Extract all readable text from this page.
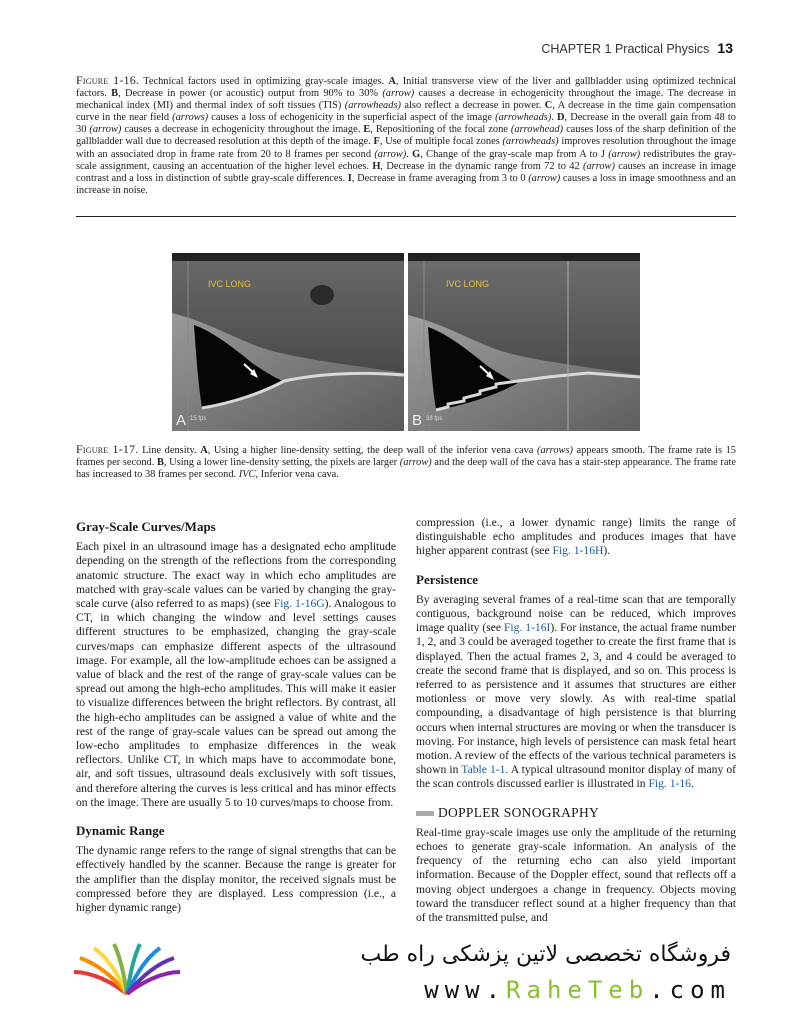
CHAPTER 1 Practical Physics 13
Figure 1-16. Technical factors used in optimizing gray-scale images. A, Initial transverse view of the liver and gallbladder using optimized technical factors. B, Decrease in power (or acoustic) output from 90% to 30% (arrow) causes a decrease in echogenicity throughout the image. The decrease in mechanical index (MI) and thermal index of soft tissues (TIS) (arrowheads) also reflect a decrease in power. C, A decrease in the time gain compensation curve in the near field (arrows) causes a loss of echogenicity in the superficial aspect of the image (arrowheads). D, Decrease in the overall gain from 48 to 30 (arrow) causes a decrease in echogenicity throughout the image. E, Repositioning of the focal zone (arrowhead) causes loss of the sharp definition of the gallbladder wall due to decreased resolution at this depth of the image. F, Use of multiple focal zones (arrowheads) improves resolution throughout the image with an associated drop in frame rate from 20 to 8 frames per second (arrow). G, Change of the gray-scale map from A to J (arrow) redistributes the gray-scale assignment, causing an accentuation of the higher level echoes. H, Decrease in the dynamic range from 72 to 42 (arrow) causes an increase in image contrast and a loss in distinction of subtle gray-scale differences. I, Decrease in frame averaging from 3 to 0 (arrow) causes a loss in image smoothness and an increase in noise.
IVC LONG
A 15 fps
IVC LONG
B 38 fps
Figure 1-17. Line density. A, Using a higher line-density setting, the deep wall of the inferior vena cava (arrows) appears smooth. The frame rate is 15 frames per second. B, Using a lower line-density setting, the pixels are larger (arrow) and the deep wall of the cava has a stair-step appearance. The frame rate has increased to 38 frames per second. IVC, Inferior vena cava.
Gray-Scale Curves/Maps

Each pixel in an ultrasound image has a designated echo amplitude depending on the strength of the reflections from the corresponding anatomic structure. The exact way in which echo amplitudes are matched with gray-scale values can be varied by changing the gray-scale curve (also referred to as maps) (see Fig. 1-16G). Analogous to CT, in which changing the window and level settings causes different structures to be emphasized, changing the gray-scale curves/maps can emphasize different aspects of the ultrasound image. For example, all the low-amplitude echoes can be assigned a value of black and the rest of the range of gray-scale values can be spread out among the high-echo amplitudes. This will make it easier to visualize differences between the bright reflectors. By contrast, all the high-echo amplitudes can be assigned a value of white and the rest of the range of gray-scale values can be spread out among the low-echo amplitudes to emphasize differences in the weak reflectors. Unlike CT, in which maps have to accommodate bone, air, and soft tissues, ultrasound deals exclusively with soft tissues, and therefore altering the curves is less critical and has minor effects on the image. There are usually 5 to 10 curves/maps to choose from.

Dynamic Range

The dynamic range refers to the range of signal strengths that can be effectively handled by the scanner. Because the range is greater for the amplifier than the display monitor, the received signals must be compressed before they are displayed. Less compression (i.e., a higher dynamic range)

compression (i.e., a lower dynamic range) limits the range of distinguishable echo amplitudes and produces images that have higher apparent contrast (see Fig. 1-16H).

Persistence

By averaging several frames of a real-time scan that are temporally contiguous, background noise can be reduced, which improves image quality (see Fig. 1-16I). For instance, the actual frame number 1, 2, and 3 could be averaged together to create the first frame that is displayed. Then the actual frames 2, 3, and 4 could be averaged to create the second frame that is displayed, and so on. This process is referred to as persistence and it assumes that structures are either motionless or move very slowly. As with real-time spatial compounding, a disadvantage of high persistence is that blurring occurs when internal structures are moving or when the transducer is moving. For instance, high levels of persistence can mask fetal heart motion. A review of the effects of the various technical parameters is shown in Table 1-1. A typical ultrasound monitor display of many of the scan controls discussed earlier is illustrated in Fig. 1-16.

DOPPLER SONOGRAPHY

Real-time gray-scale images use only the amplitude of the returning echoes to generate gray-scale information. An analysis of the frequency of the returning echo can also yield important information. Because of the Doppler effect, sound that reflects off a moving object undergoes a change in frequency. Objects moving toward the transducer reflect sound at a higher frequency than that of the transmitted pulse, and

فروشگاه تخصصی لاتین پزشکی راه طب
www.RaheTeb.com
